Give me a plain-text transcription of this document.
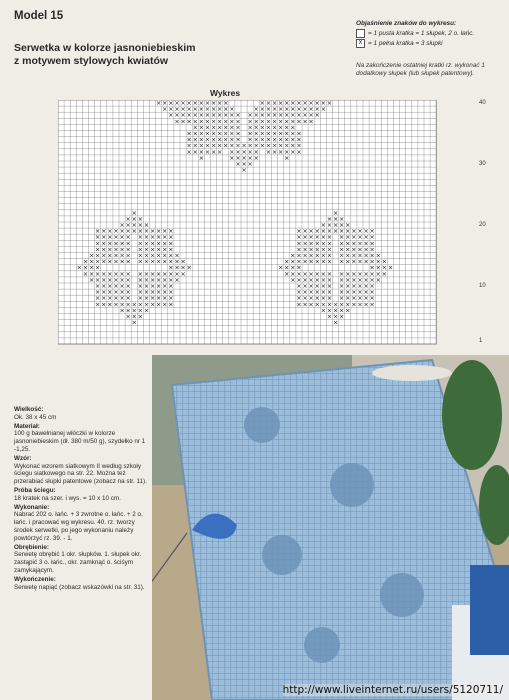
Model 15
Serwetka w kolorze jasnoniebieskim
z motywem stylowych kwiatów
Objaśnienie znaków do wykresu:
= 1 pusta kratka = 1 słupek, 2 o. łańc.
x = 1 pełna kratka = 3 słupki
Na zakończenie ostatniej kratki rz. wykonać 1 dodatkowy słupek (lub słupek patentowy).
Wykres
×
× × ×
× × × × ×
× × × × × × × × × × × × ×
× × × × × × × × × × × ×
× × × × × × × × × × × ×
× × × × × × × × × × × ×
× × × × × × × × × × × × × ×
× × × × × × × × × × × × × × × ×
× × × ×	× × × ×
× × × × × × × × × × × × × × × ×
× × × × × × × × × × × × × ×
× × × × × × × × × × × ×
× × × × × × × × × × × ×
× × × × × × × × × × × ×
× × × × × × × × × × × × ×
× × × × ×
× × ×
×
×
× × ×
× × × × ×
× × × × × × × × × × × × ×
× × × × × × × × × × × ×
× × × × × × × × × × × ×
× × × × × × × × × × × ×
× × × × × × × × × × × × × ×
× × × × × × × × × × × × × × × ×
× × × ×	× × × ×
× × × × × × × × × × × × × × × ×
× × × × × × × × × × × × × ×
× × × × × × × × × × × ×
× × × × × × × × × × × ×
× × × × × × × × × × × ×
× × × × × × × × × × × × ×
× × × × ×
× × ×
×
× × × × × × × × × × × ×	× × × × × × × × × × × ×
× × × × × × × × × × × ×	× × × × × × × × × × × ×
× × × × × × × × × × × × × × × × × × × × × × × ×
× × × × × × × × × × × × × × × × × × × × × ×
× × × × × × × × × × × × × × × ×
× × × × × × × × × × × × × × × × × ×
× × × × × × × × × × × × × × × × × ×
× × × × × × × × × × × × × × × × × × ×
× × × × × × × × × × × × × × × × ×
×	× × × × ×	×
× × ×
×
40
30
20
10
1
Wielkość:
Ok. 38 x 45 cm
Materiał:
100 g bawełnianej włóczki w kolorze jasnoniebieskim (dł. 380 m/50 g), szydełko nr 1 -1,25.
Wzór:
Wykonać wzorem siatkowym II według szkoły ściegu siatkowego na str. 22. Można też przerabiać słupki patentowe (zobacz na str. 11).
Próba ściegu:
18 kratek na szer. i wys. = 10 x 10 cm.
Wykonanie:
Nabrać 202 o. łańc. + 3 zwrotne o. łańc. + 2 o. łańc. i pracować wg wykresu. 40. rz. tworzy środek serwetki, po jego wykonaniu należy powtórzyć rz. 39. - 1.
Obrębienie:
Serwetę obrębić 1 okr. słupków. 1. słupek okr. zastąpić 3 o. łańc., okr. zamknąć o. ściśym zamykającym.
Wykończenie:
Serwetę napiąć (zobacz wskazówki na str. 31).
http://www.liveinternet.ru/users/5120711/
